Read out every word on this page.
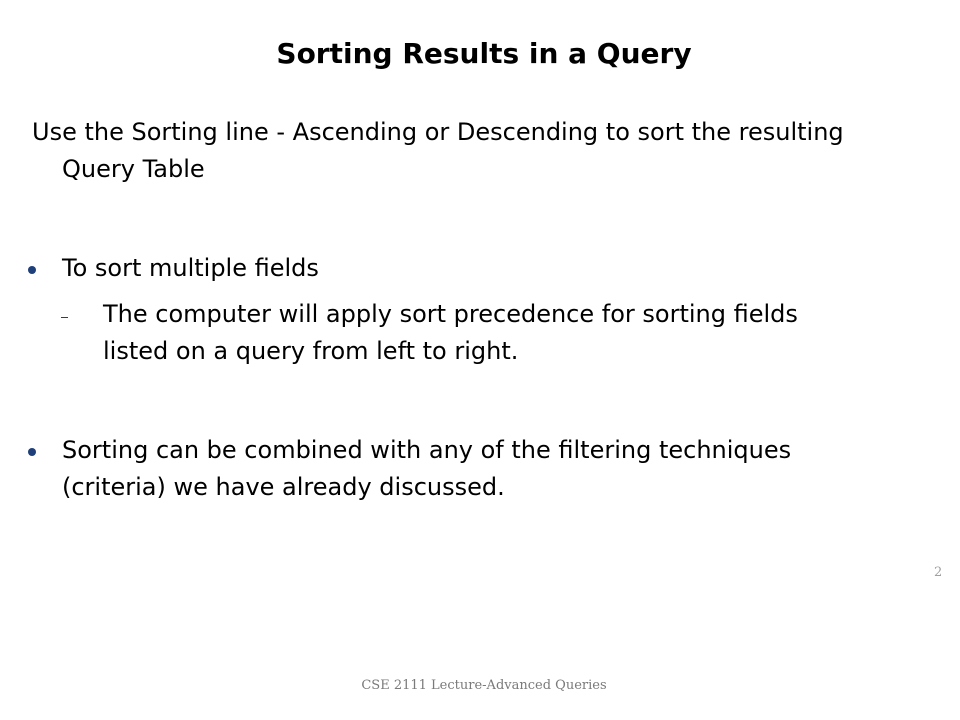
Sorting Results in a Query
Use the Sorting line - Ascending or Descending to sort the resulting Query Table
To sort multiple fields
The computer will apply sort precedence for sorting fields listed on a query from left to right.
Sorting can be combined with any of the filtering techniques (criteria) we have already discussed.
2
CSE 2111 Lecture-Advanced Queries
